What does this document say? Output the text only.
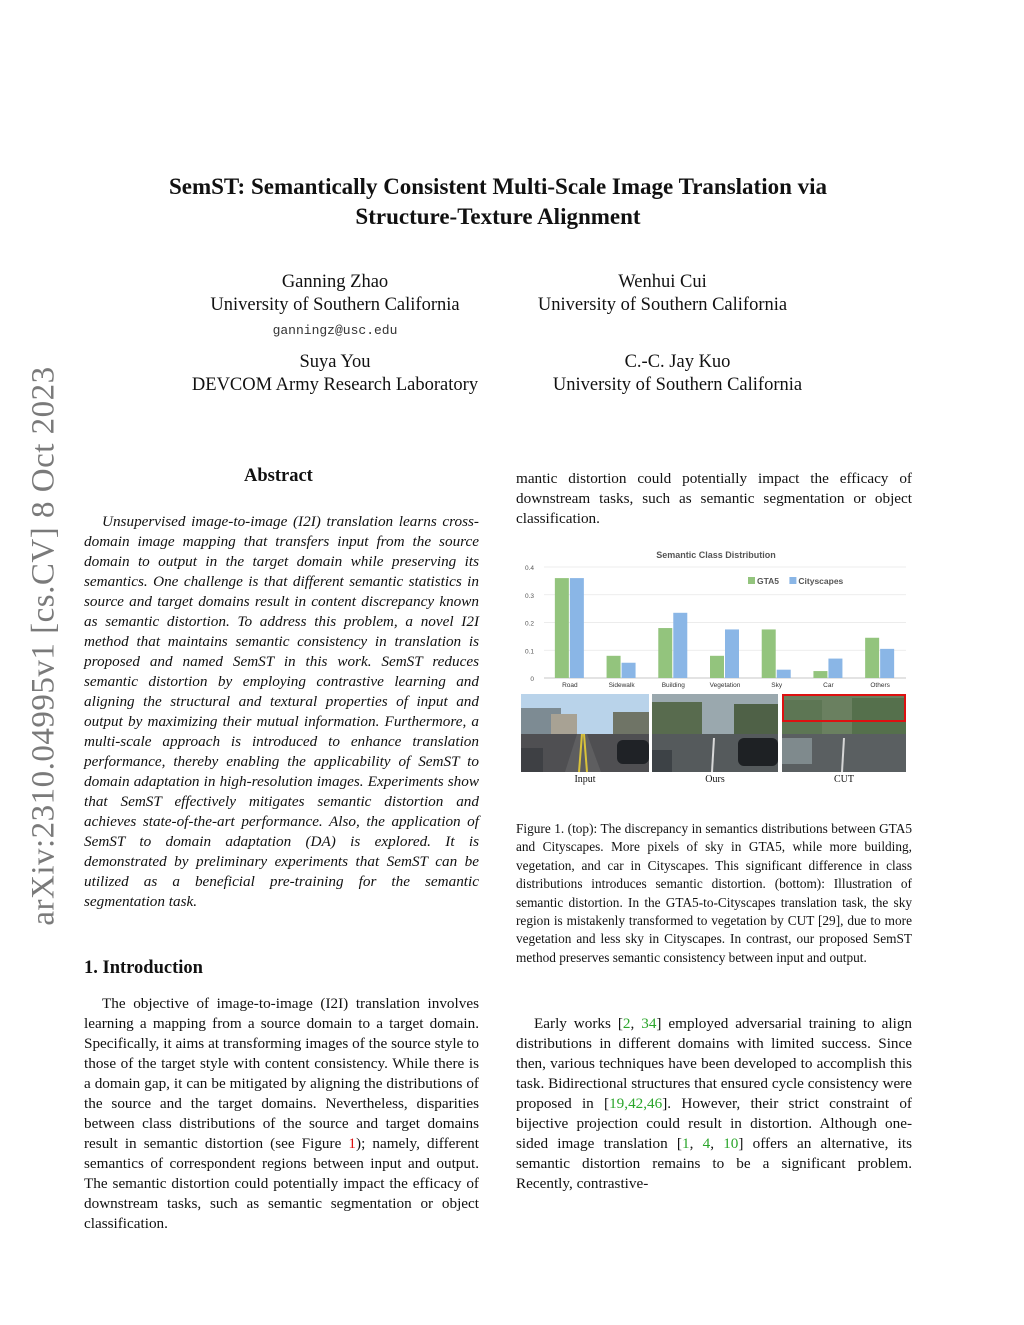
arXiv:2310.04995v1 [cs.CV] 8 Oct 2023
SemST: Semantically Consistent Multi-Scale Image Translation via
Structure-Texture Alignment
Ganning Zhao
University of Southern California
ganningz@usc.edu
Wenhui Cui
University of Southern California
Suya You
DEVCOM Army Research Laboratory
C.-C. Jay Kuo
University of Southern California
Abstract

Unsupervised image-to-image (I2I) translation learns cross-domain image mapping that transfers input from the source domain to output in the target domain while preserving its semantics. One challenge is that different semantic statistics in source and target domains result in content discrepancy known as semantic distortion. To address this problem, a novel I2I method that maintains semantic consistency in translation is proposed and named SemST in this work. SemST reduces semantic distortion by employing contrastive learning and aligning the structural and textural properties of input and output by maximizing their mutual information. Furthermore, a multi-scale approach is introduced to enhance translation performance, thereby enabling the applicability of SemST to domain adaptation in high-resolution images. Experiments show that SemST effectively mitigates semantic distortion and achieves state-of-the-art performance. Also, the application of SemST to domain adaptation (DA) is explored. It is demonstrated by preliminary experiments that SemST can be utilized as a beneficial pre-training for the semantic segmentation task.

1. Introduction

The objective of image-to-image (I2I) translation involves learning a mapping from a source domain to a target domain. Specifically, it aims at transforming images of the source style to those of the target style with content consistency. While there is a domain gap, it can be mitigated by aligning the distributions of the source and the target domains. Nevertheless, disparities between class distributions of the source and target domains result in semantic distortion (see Figure 1); namely, different semantics of correspondent regions between input and output. The semantic distortion could potentially impact the efficacy of downstream tasks, such as semantic segmentation or object classification.

mantic distortion could potentially impact the efficacy of downstream tasks, such as semantic segmentation or object classification.

Semantic Class Distribution
0
0.1
0.2
0.3
0.4
Road	Sidewalk	Building	Vegetation	Sky	Car	Others
GTA5 Cityscapes
Input	Ours	CUT
Figure 1. (top): The discrepancy in semantics distributions between GTA5 and Cityscapes. More pixels of sky in GTA5, while more building, vegetation, and car in Cityscapes. This significant difference in class distributions introduces semantic distortion. (bottom): Illustration of semantic distortion. In the GTA5-to-Cityscapes translation task, the sky region is mistakenly transformed to vegetation by CUT [29], due to more vegetation and less sky in Cityscapes. In contrast, our proposed SemST method preserves semantic consistency between input and output.

Early works [2, 34] employed adversarial training to align distributions in different domains with limited success. Since then, various techniques have been developed to accomplish this task. Bidirectional structures that ensured cycle consistency were proposed in [19,42,46]. However, their strict constraint of bijective projection could result in distortion. Although one-sided image translation [1, 4, 10] offers an alternative, its semantic distortion remains to be a significant problem. Recently, contrastive-
